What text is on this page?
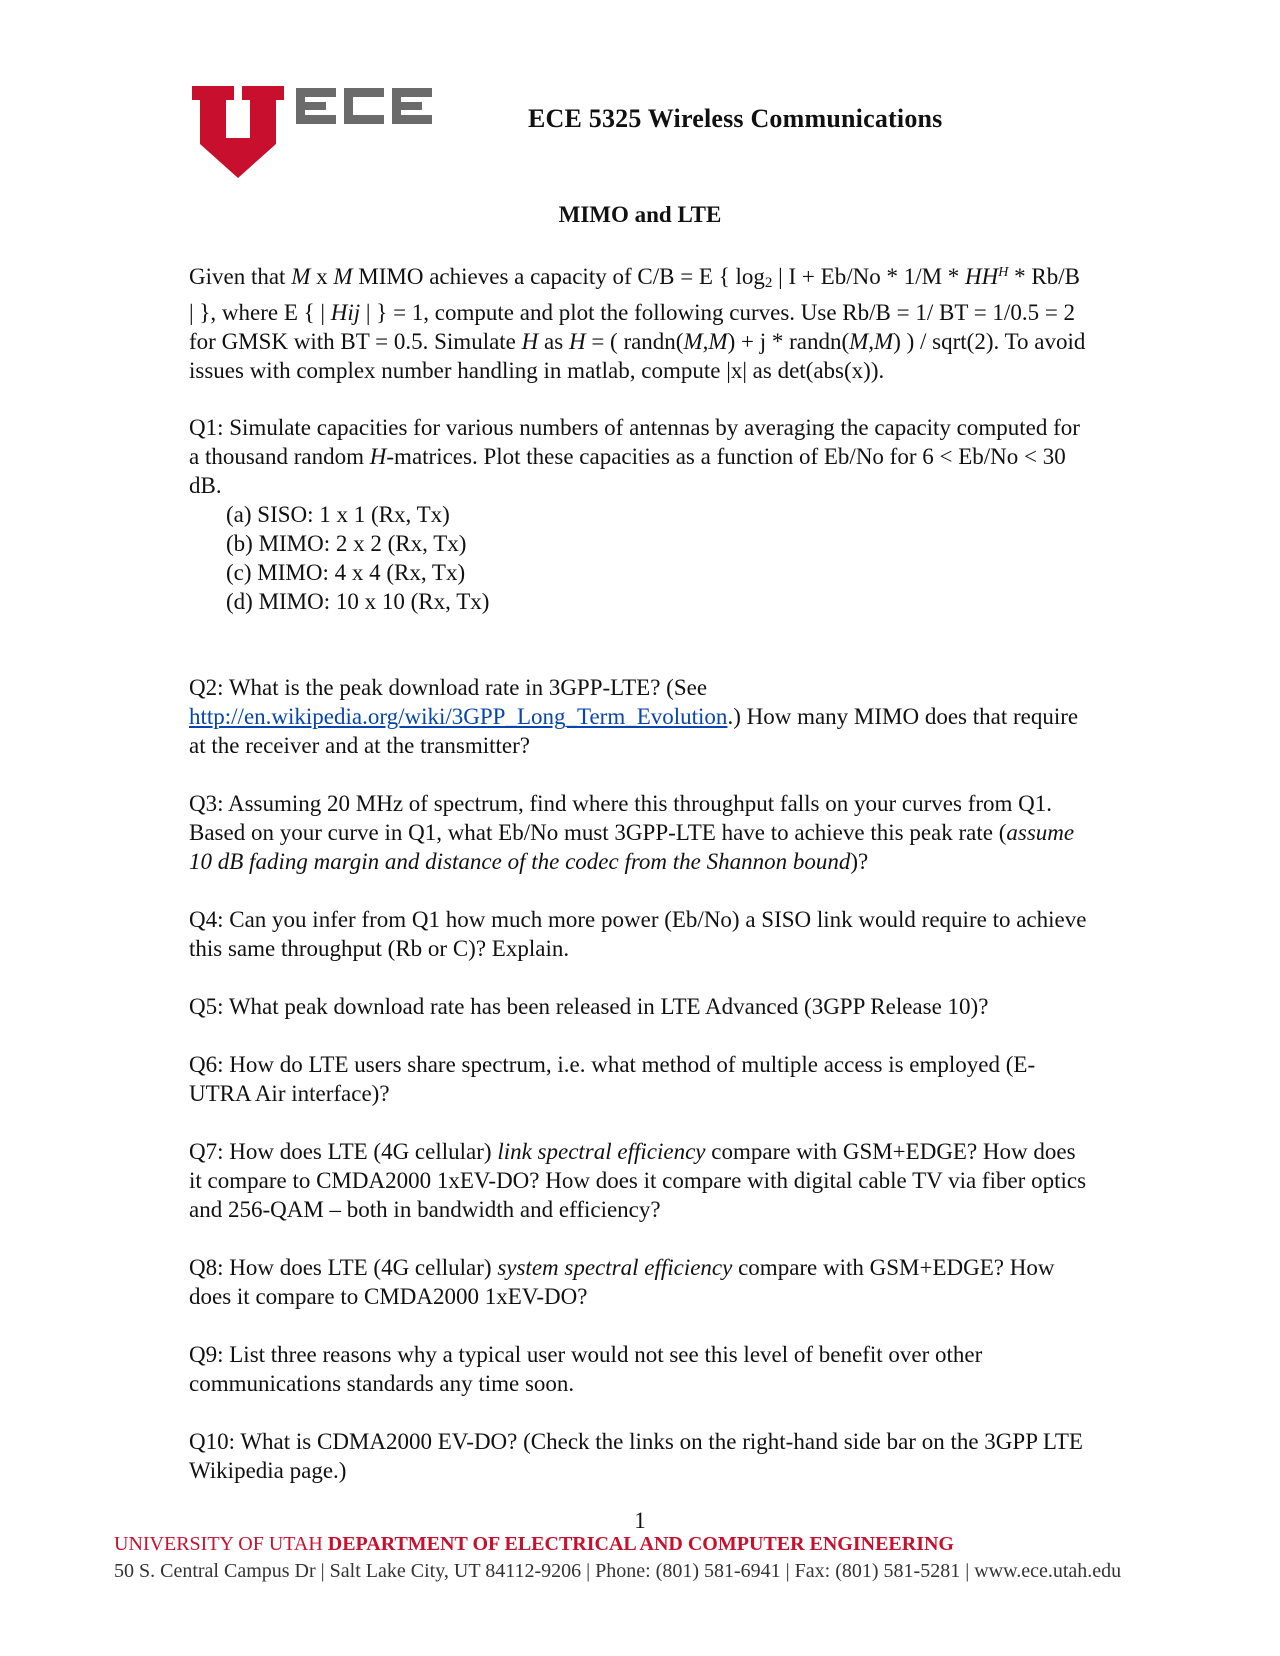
ECE 5325 Wireless Communications
MIMO and LTE

Given that M x M MIMO achieves a capacity of C/B = E { $\log_2$ | $I + Eb/No * 1/M * HH^H * Rb/B$ | }, where E { | Hij | } = 1, compute and plot the following curves. Use Rb/B = 1/ BT = 1/0.5 = 2 for GMSK with BT = 0.5. Simulate H as H = ( randn(M,M) + j * randn(M,M) ) / sqrt(2). To avoid issues with complex number handling in matlab, compute |x| as det(abs(x)).

Q1: Simulate capacities for various numbers of antennas by averaging the capacity computed for a thousand random H-matrices. Plot these capacities as a function of Eb/No for 6 < Eb/No < 30 dB.

(a) SISO: 1 x 1 (Rx, Tx)
(b) MIMO: 2 x 2 (Rx, Tx)
(c) MIMO: 4 x 4 (Rx, Tx)
(d) MIMO: 10 x 10 (Rx, Tx)

Q2: What is the peak download rate in 3GPP-LTE? (See http://en.wikipedia.org/wiki/3GPP_Long_Term_Evolution.) How many MIMO does that require at the receiver and at the transmitter?

Q3: Assuming 20 MHz of spectrum, find where this throughput falls on your curves from Q1. Based on your curve in Q1, what Eb/No must 3GPP-LTE have to achieve this peak rate (assume 10 dB fading margin and distance of the codec from the Shannon bound)?

Q4: Can you infer from Q1 how much more power (Eb/No) a SISO link would require to achieve this same throughput (Rb or C)? Explain.

Q5: What peak download rate has been released in LTE Advanced (3GPP Release 10)?

Q6: How do LTE users share spectrum, i.e. what method of multiple access is employed (E-UTRA Air interface)?

Q7: How does LTE (4G cellular) link spectral efficiency compare with GSM+EDGE? How does it compare to CMDA2000 1xEV-DO? How does it compare with digital cable TV via fiber optics and 256-QAM – both in bandwidth and efficiency?

Q8: How does LTE (4G cellular) system spectral efficiency compare with GSM+EDGE? How does it compare to CMDA2000 1xEV-DO?

Q9: List three reasons why a typical user would not see this level of benefit over other communications standards any time soon.

Q10: What is CDMA2000 EV-DO? (Check the links on the right-hand side bar on the 3GPP LTE Wikipedia page.)

1
UNIVERSITY OF UTAH DEPARTMENT OF ELECTRICAL AND COMPUTER ENGINEERING
50 S. Central Campus Dr | Salt Lake City, UT 84112-9206 | Phone: (801) 581-6941 | Fax: (801) 581-5281 | www.ece.utah.edu
